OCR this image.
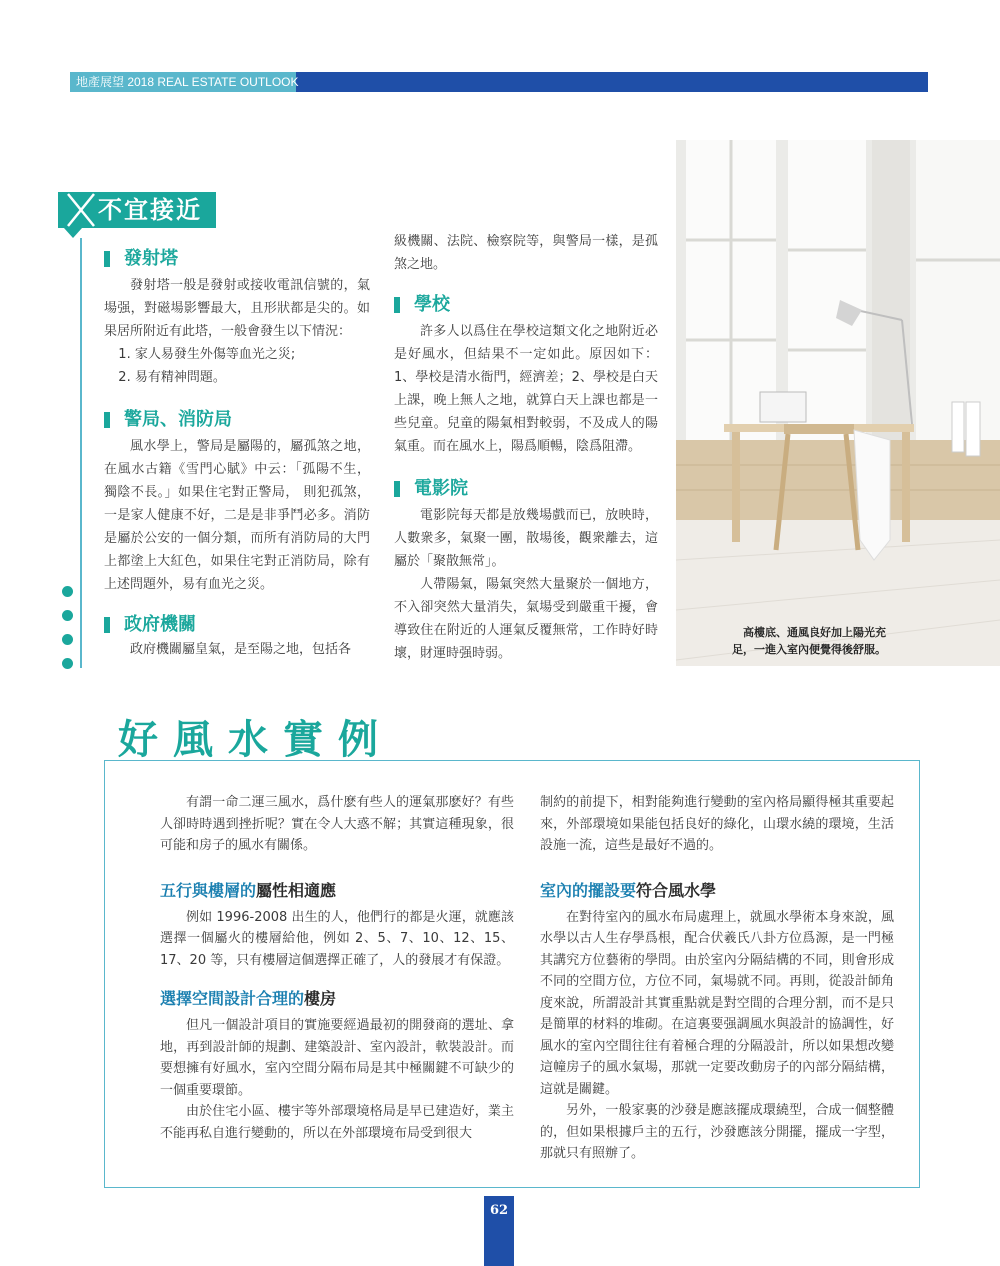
地產展望 2018 REAL ESTATE OUTLOOK
不宜接近
發射塔

發射塔一般是發射或接收電訊信號的，氣場强，對磁場影響最大，且形狀都是尖的。如果居所附近有此塔，一般會發生以下情況：

1. 家人易發生外傷等血光之災;

2. 易有精神問題。

警局、消防局

風水學上，警局是屬陽的，屬孤煞之地，在風水古籍《雪門心賦》中云：「孤陽不生，獨陰不長。」如果住宅對正警局， 則犯孤煞，一是家人健康不好，二是是非爭鬥必多。消防是屬於公安的一個分類，而所有消防局的大門上都塗上大紅色，如果住宅對正消防局，除有上述問題外，易有血光之災。

政府機關

政府機關屬皇氣，是至陽之地，包括各

級機關、法院、檢察院等，與警局一樣，是孤煞之地。

學校

許多人以爲住在學校這類文化之地附近必是好風水，但結果不一定如此。原因如下：1、學校是清水衙門，經濟差；2、學校是白天上課，晚上無人之地，就算白天上課也都是一些兒童。兒童的陽氣相對較弱，不及成人的陽氣重。而在風水上，陽爲順暢，陰爲阻滯。

電影院

電影院每天都是放幾場戲而已，放映時，人數衆多，氣聚一團，散場後，觀衆離去，這屬於「聚散無常」。

人帶陽氣，陽氣突然大量聚於一個地方，不入卻突然大量消失，氣場受到嚴重干擾，會導致住在附近的人運氣反覆無常，工作時好時壞，財運時强時弱。

高樓底、通風良好加上陽光充
足，一進入室內便覺得後舒服。
好風水實例

有謂一命二運三風水，爲什麽有些人的運氣那麽好？有些人卻時時遇到挫折呢？實在令人大惑不解；其實這種現象，很可能和房子的風水有關係。

五行與樓層的屬性相適應

例如 1996-2008 出生的人，他們行的都是火運，就應該選擇一個屬火的樓層給他，例如 2、5、7、10、12、15、17、20 等，只有樓層這個選擇正確了，人的發展才有保證。

選擇空間設計合理的樓房

但凡一個設計項目的實施要經過最初的開發商的選址、拿地，再到設計師的規劃、建築設計、室內設計，軟裝設計。而要想擁有好風水，室內空間分隔布局是其中極關鍵不可缺少的一個重要環節。

由於住宅小區、樓宇等外部環境格局是早已建造好，業主不能再私自進行變動的，所以在外部環境布局受到很大

制約的前提下，相對能夠進行變動的室內格局顯得極其重要起來，外部環境如果能包括良好的綠化，山環水繞的環境，生活設施一流，這些是最好不過的。

室內的擺設要符合風水學

在對待室內的風水布局處理上，就風水學術本身來說，風水學以古人生存學爲根，配合伏羲氏八卦方位爲源，是一門極其講究方位藝術的學問。由於室內分隔結構的不同，則會形成不同的空間方位，方位不同，氣場就不同。再則，從設計師角度來說，所謂設計其實重點就是對空間的合理分割，而不是只是簡單的材料的堆砌。在這裏要强調風水與設計的協調性，好風水的室內空間往往有着極合理的分隔設計，所以如果想改變這幢房子的風水氣場，那就一定要改動房子的內部分隔結構，這就是關鍵。

另外，一般家裏的沙發是應該擺成環繞型，合成一個整體的，但如果根據戶主的五行，沙發應該分開擺，擺成一字型，那就只有照辦了。

62
